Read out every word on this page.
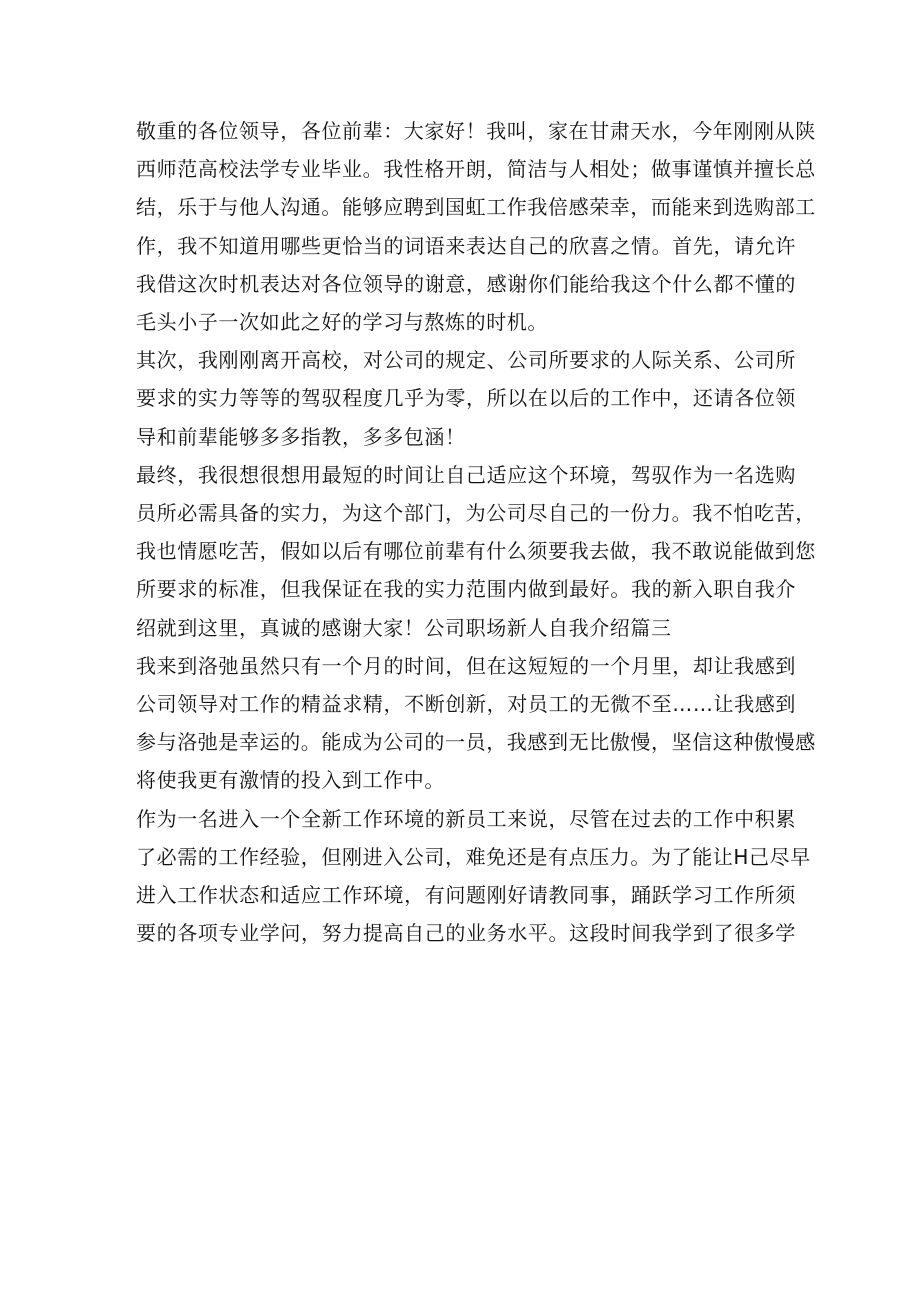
敬重的各位领导，各位前辈：大家好！我叫，家在甘肃天水，今年刚刚从陕
西师范高校法学专业毕业。我性格开朗，简洁与人相处；做事谨慎并擅长总
结，乐于与他人沟通。能够应聘到国虹工作我倍感荣幸，而能来到选购部工
作，我不知道用哪些更恰当的词语来表达自己的欣喜之情。首先，请允许
我借这次时机表达对各位领导的谢意，感谢你们能给我这个什么都不懂的
毛头小子一次如此之好的学习与熬炼的时机。

其次，我刚刚离开高校，对公司的规定、公司所要求的人际关系、公司所
要求的实力等等的驾驭程度几乎为零，所以在以后的工作中，还请各位领
导和前辈能够多多指教，多多包涵！

最终，我很想很想用最短的时间让自己适应这个环境，驾驭作为一名选购
员所必需具备的实力，为这个部门，为公司尽自己的一份力。我不怕吃苦，
我也情愿吃苦，假如以后有哪位前辈有什么须要我去做，我不敢说能做到您
所要求的标准，但我保证在我的实力范围内做到最好。我的新入职自我介
绍就到这里，真诚的感谢大家！公司职场新人自我介绍篇三

我来到洛弛虽然只有一个月的时间，但在这短短的一个月里，却让我感到
公司领导对工作的精益求精，不断创新，对员工的无微不至……让我感到
参与洛弛是幸运的。能成为公司的一员，我感到无比傲慢，坚信这种傲慢感
将使我更有激情的投入到工作中。

作为一名进入一个全新工作环境的新员工来说，尽管在过去的工作中积累
了必需的工作经验，但刚进入公司，难免还是有点压力。为了能让H己尽早
进入工作状态和适应工作环境，有问题刚好请教同事，踊跃学习工作所须
要的各项专业学问，努力提高自己的业务水平。这段时间我学到了很多学
